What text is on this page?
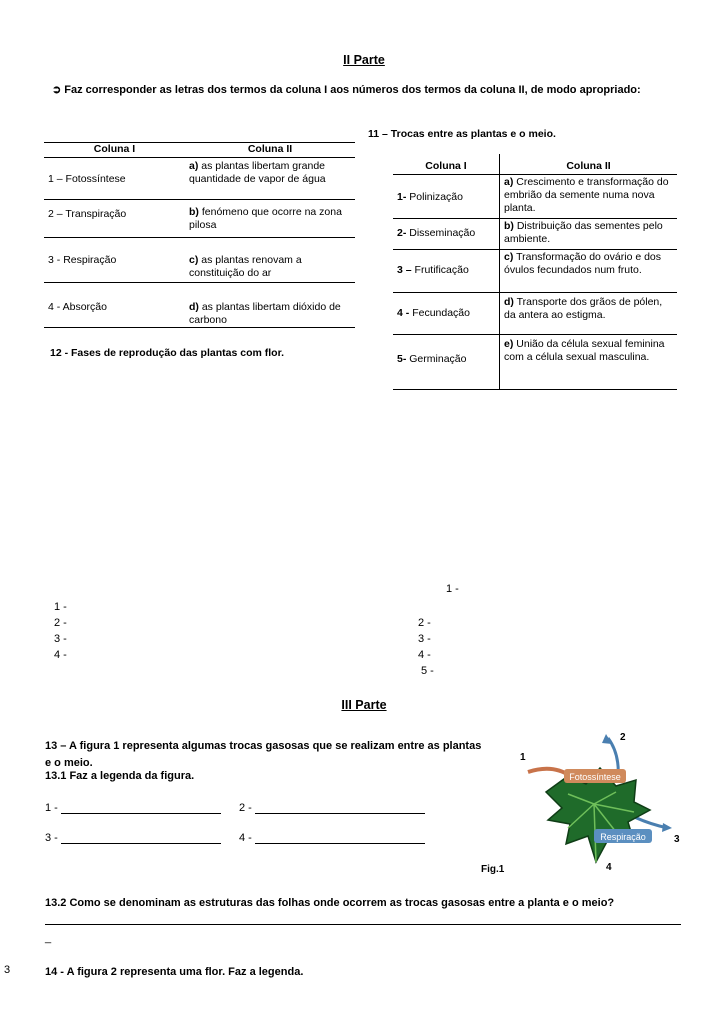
II Parte
➲ Faz corresponder as letras dos termos da coluna I aos números dos termos da coluna II, de modo apropriado:
11 – Trocas entre as plantas e o meio.
Coluna I	Coluna II
1 – Fotossíntese	a) as plantas libertam grande quantidade de vapor de água
2 – Transpiração	b) fenómeno que ocorre na zona pilosa
3 - Respiração	c) as plantas renovam a constituição do ar
4 - Absorção	d) as plantas libertam dióxido de carbono
12 - Fases de reprodução das plantas com flor.
Coluna I	Coluna II
1- Polinização	a) Crescimento e transformação do embrião da semente numa nova planta.
2- Disseminação	b) Distribuição das sementes pelo ambiente.
3 – Frutificação	c) Transformação do ovário e dos óvulos fecundados num fruto.
4 - Fecundação	d) Transporte dos grãos de pólen, da antera ao estigma.
5- Germinação	e) União da célula sexual feminina com a célula sexual masculina.
1 -
2 -
3 -
4 -
1 -
2 -
3 -
4 -
5 -
III Parte
13 – A figura 1 representa algumas trocas gasosas que se realizam entre as plantas e o meio.
13.1 Faz a legenda da figura.
1 -	2 -
3 -	4 -
Fotossíntese
Respiração
1
2
3
4
Fig.1
13.2 Como se denominam as estruturas das folhas onde ocorrem as trocas gasosas entre a planta e o meio?
_
3	14 - A figura 2 representa uma flor. Faz a legenda.
